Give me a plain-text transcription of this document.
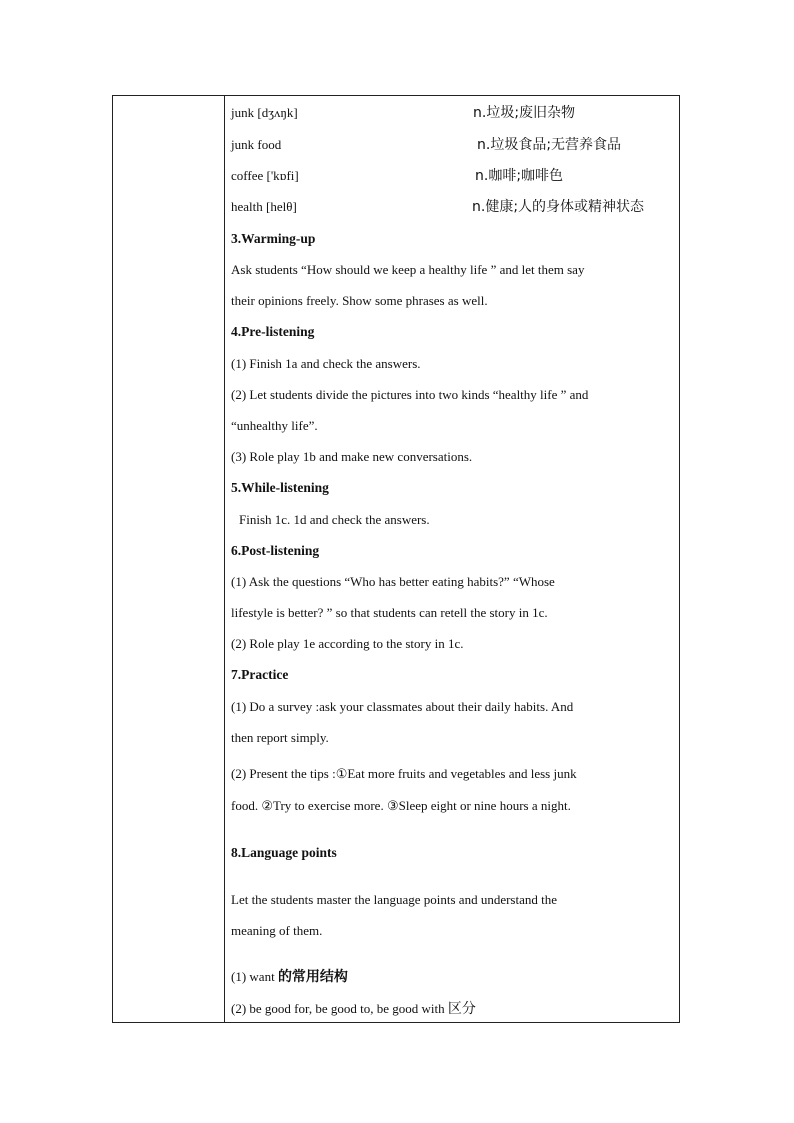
junk [dʒʌŋk]	n.垃圾;废旧杂物
junk food	n.垃圾食品;无营养食品
coffee ['kɒfi]	n.咖啡;咖啡色
health [helθ]	n.健康;人的身体或精神状态
3.Warming-up
Ask students “How should we keep a healthy life ” and let them say
their opinions freely. Show some phrases as well.
4.Pre-listening
(1) Finish 1a and check the answers.
(2) Let students divide the pictures into two kinds “healthy life ” and
“unhealthy life”.
(3) Role play 1b and make new conversations.
5.While-listening
Finish 1c. 1d and check the answers.
6.Post-listening
(1) Ask the questions “Who has better eating habits?” “Whose
lifestyle is better? ” so that students can retell the story in 1c.
(2) Role play 1e according to the story in 1c.
7.Practice
(1) Do a survey :ask your classmates about their daily habits. And
then report simply.
(2) Present the tips :①Eat more fruits and vegetables and less junk
food. ②Try to exercise more. ③Sleep eight or nine hours a night.
8.Language points
Let the students master the language points and understand the
meaning of them.
(1) want 的常用结构
(2) be good for, be good to, be good with 区分
